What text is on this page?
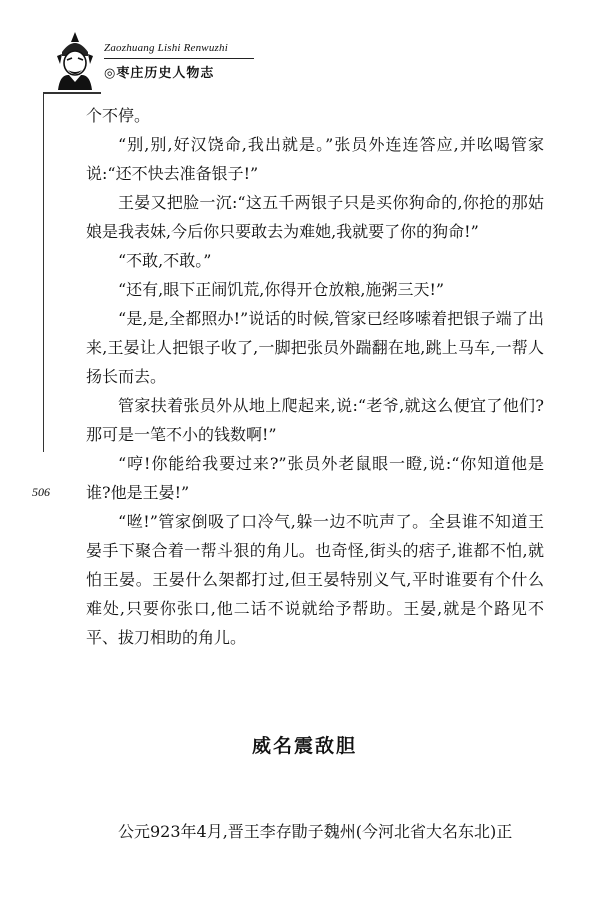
Zaozhuang Lishi Renwuzhi
◎枣庄历史人物志
506

个不停。

“别,别,好汉饶命,我出就是。”张员外连连答应,并吆喝管家说:“还不快去准备银子!”

王晏又把脸一沉:“这五千两银子只是买你狗命的,你抢的那姑娘是我表妹,今后你只要敢去为难她,我就要了你的狗命!”

“不敢,不敢。”

“还有,眼下正闹饥荒,你得开仓放粮,施粥三天!”

“是,是,全都照办!”说话的时候,管家已经哆嗦着把银子端了出来,王晏让人把银子收了,一脚把张员外踹翻在地,跳上马车,一帮人扬长而去。

管家扶着张员外从地上爬起来,说:“老爷,就这么便宜了他们?那可是一笔不小的钱数啊!”

“哼!你能给我要过来?”张员外老鼠眼一瞪,说:“你知道他是谁?他是王晏!”

“咝!”管家倒吸了口冷气,躲一边不吭声了。全县谁不知道王晏手下聚合着一帮斗狠的角儿。也奇怪,街头的痞子,谁都不怕,就怕王晏。王晏什么架都打过,但王晏特别义气,平时谁要有个什么难处,只要你张口,他二话不说就给予帮助。王晏,就是个路见不平、拔刀相助的角儿。

威名震敌胆

公元923年4月,晋王李存勖子魏州(今河北省大名东北)正
